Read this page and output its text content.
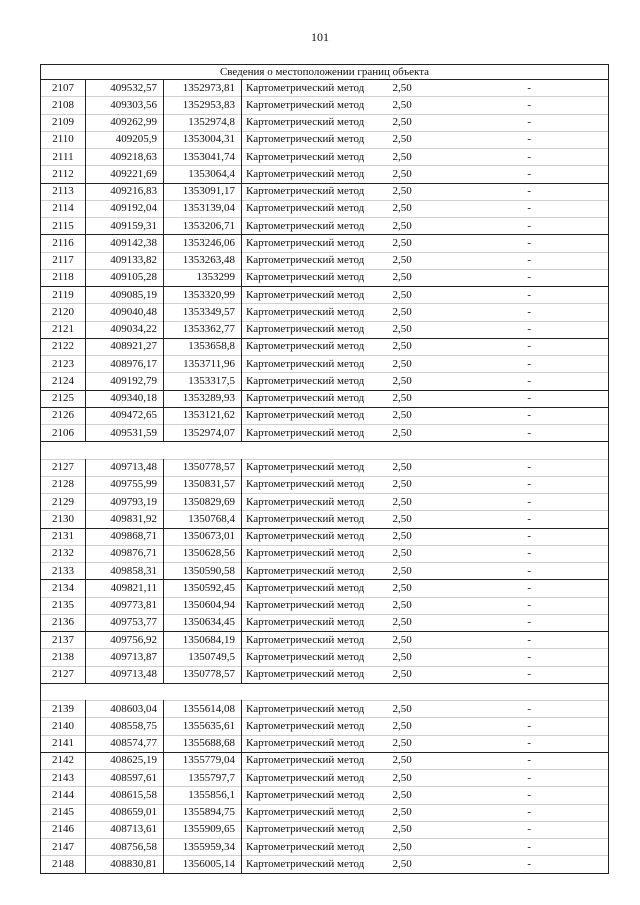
101
Сведения о местоположении границ объекта					
2107	409532,57	1352973,81	Картометрический метод	2,50	-
2108	409303,56	1352953,83	Картометрический метод	2,50	-
2109	409262,99	1352974,8	Картометрический метод	2,50	-
2110	409205,9	1353004,31	Картометрический метод	2,50	-
2111	409218,63	1353041,74	Картометрический метод	2,50	-
2112	409221,69	1353064,4	Картометрический метод	2,50	-
2113	409216,83	1353091,17	Картометрический метод	2,50	-
2114	409192,04	1353139,04	Картометрический метод	2,50	-
2115	409159,31	1353206,71	Картометрический метод	2,50	-
2116	409142,38	1353246,06	Картометрический метод	2,50	-
2117	409133,82	1353263,48	Картометрический метод	2,50	-
2118	409105,28	1353299	Картометрический метод	2,50	-
2119	409085,19	1353320,99	Картометрический метод	2,50	-
2120	409040,48	1353349,57	Картометрический метод	2,50	-
2121	409034,22	1353362,77	Картометрический метод	2,50	-
2122	408921,27	1353658,8	Картометрический метод	2,50	-
2123	408976,17	1353711,96	Картометрический метод	2,50	-
2124	409192,79	1353317,5	Картометрический метод	2,50	-
2125	409340,18	1353289,93	Картометрический метод	2,50	-
2126	409472,65	1353121,62	Картометрический метод	2,50	-
2106	409531,59	1352974,07	Картометрический метод	2,50	-

2127	409713,48	1350778,57	Картометрический метод	2,50	-
2128	409755,99	1350831,57	Картометрический метод	2,50	-
2129	409793,19	1350829,69	Картометрический метод	2,50	-
2130	409831,92	1350768,4	Картометрический метод	2,50	-
2131	409868,71	1350673,01	Картометрический метод	2,50	-
2132	409876,71	1350628,56	Картометрический метод	2,50	-
2133	409858,31	1350590,58	Картометрический метод	2,50	-
2134	409821,11	1350592,45	Картометрический метод	2,50	-
2135	409773,81	1350604,94	Картометрический метод	2,50	-
2136	409753,77	1350634,45	Картометрический метод	2,50	-
2137	409756,92	1350684,19	Картометрический метод	2,50	-
2138	409713,87	1350749,5	Картометрический метод	2,50	-
2127	409713,48	1350778,57	Картометрический метод	2,50	-

2139	408603,04	1355614,08	Картометрический метод	2,50	-
2140	408558,75	1355635,61	Картометрический метод	2,50	-
2141	408574,77	1355688,68	Картометрический метод	2,50	-
2142	408625,19	1355779,04	Картометрический метод	2,50	-
2143	408597,61	1355797,7	Картометрический метод	2,50	-
2144	408615,58	1355856,1	Картометрический метод	2,50	-
2145	408659,01	1355894,75	Картометрический метод	2,50	-
2146	408713,61	1355909,65	Картометрический метод	2,50	-
2147	408756,58	1355959,34	Картометрический метод	2,50	-
2148	408830,81	1356005,14	Картометрический метод	2,50	-
